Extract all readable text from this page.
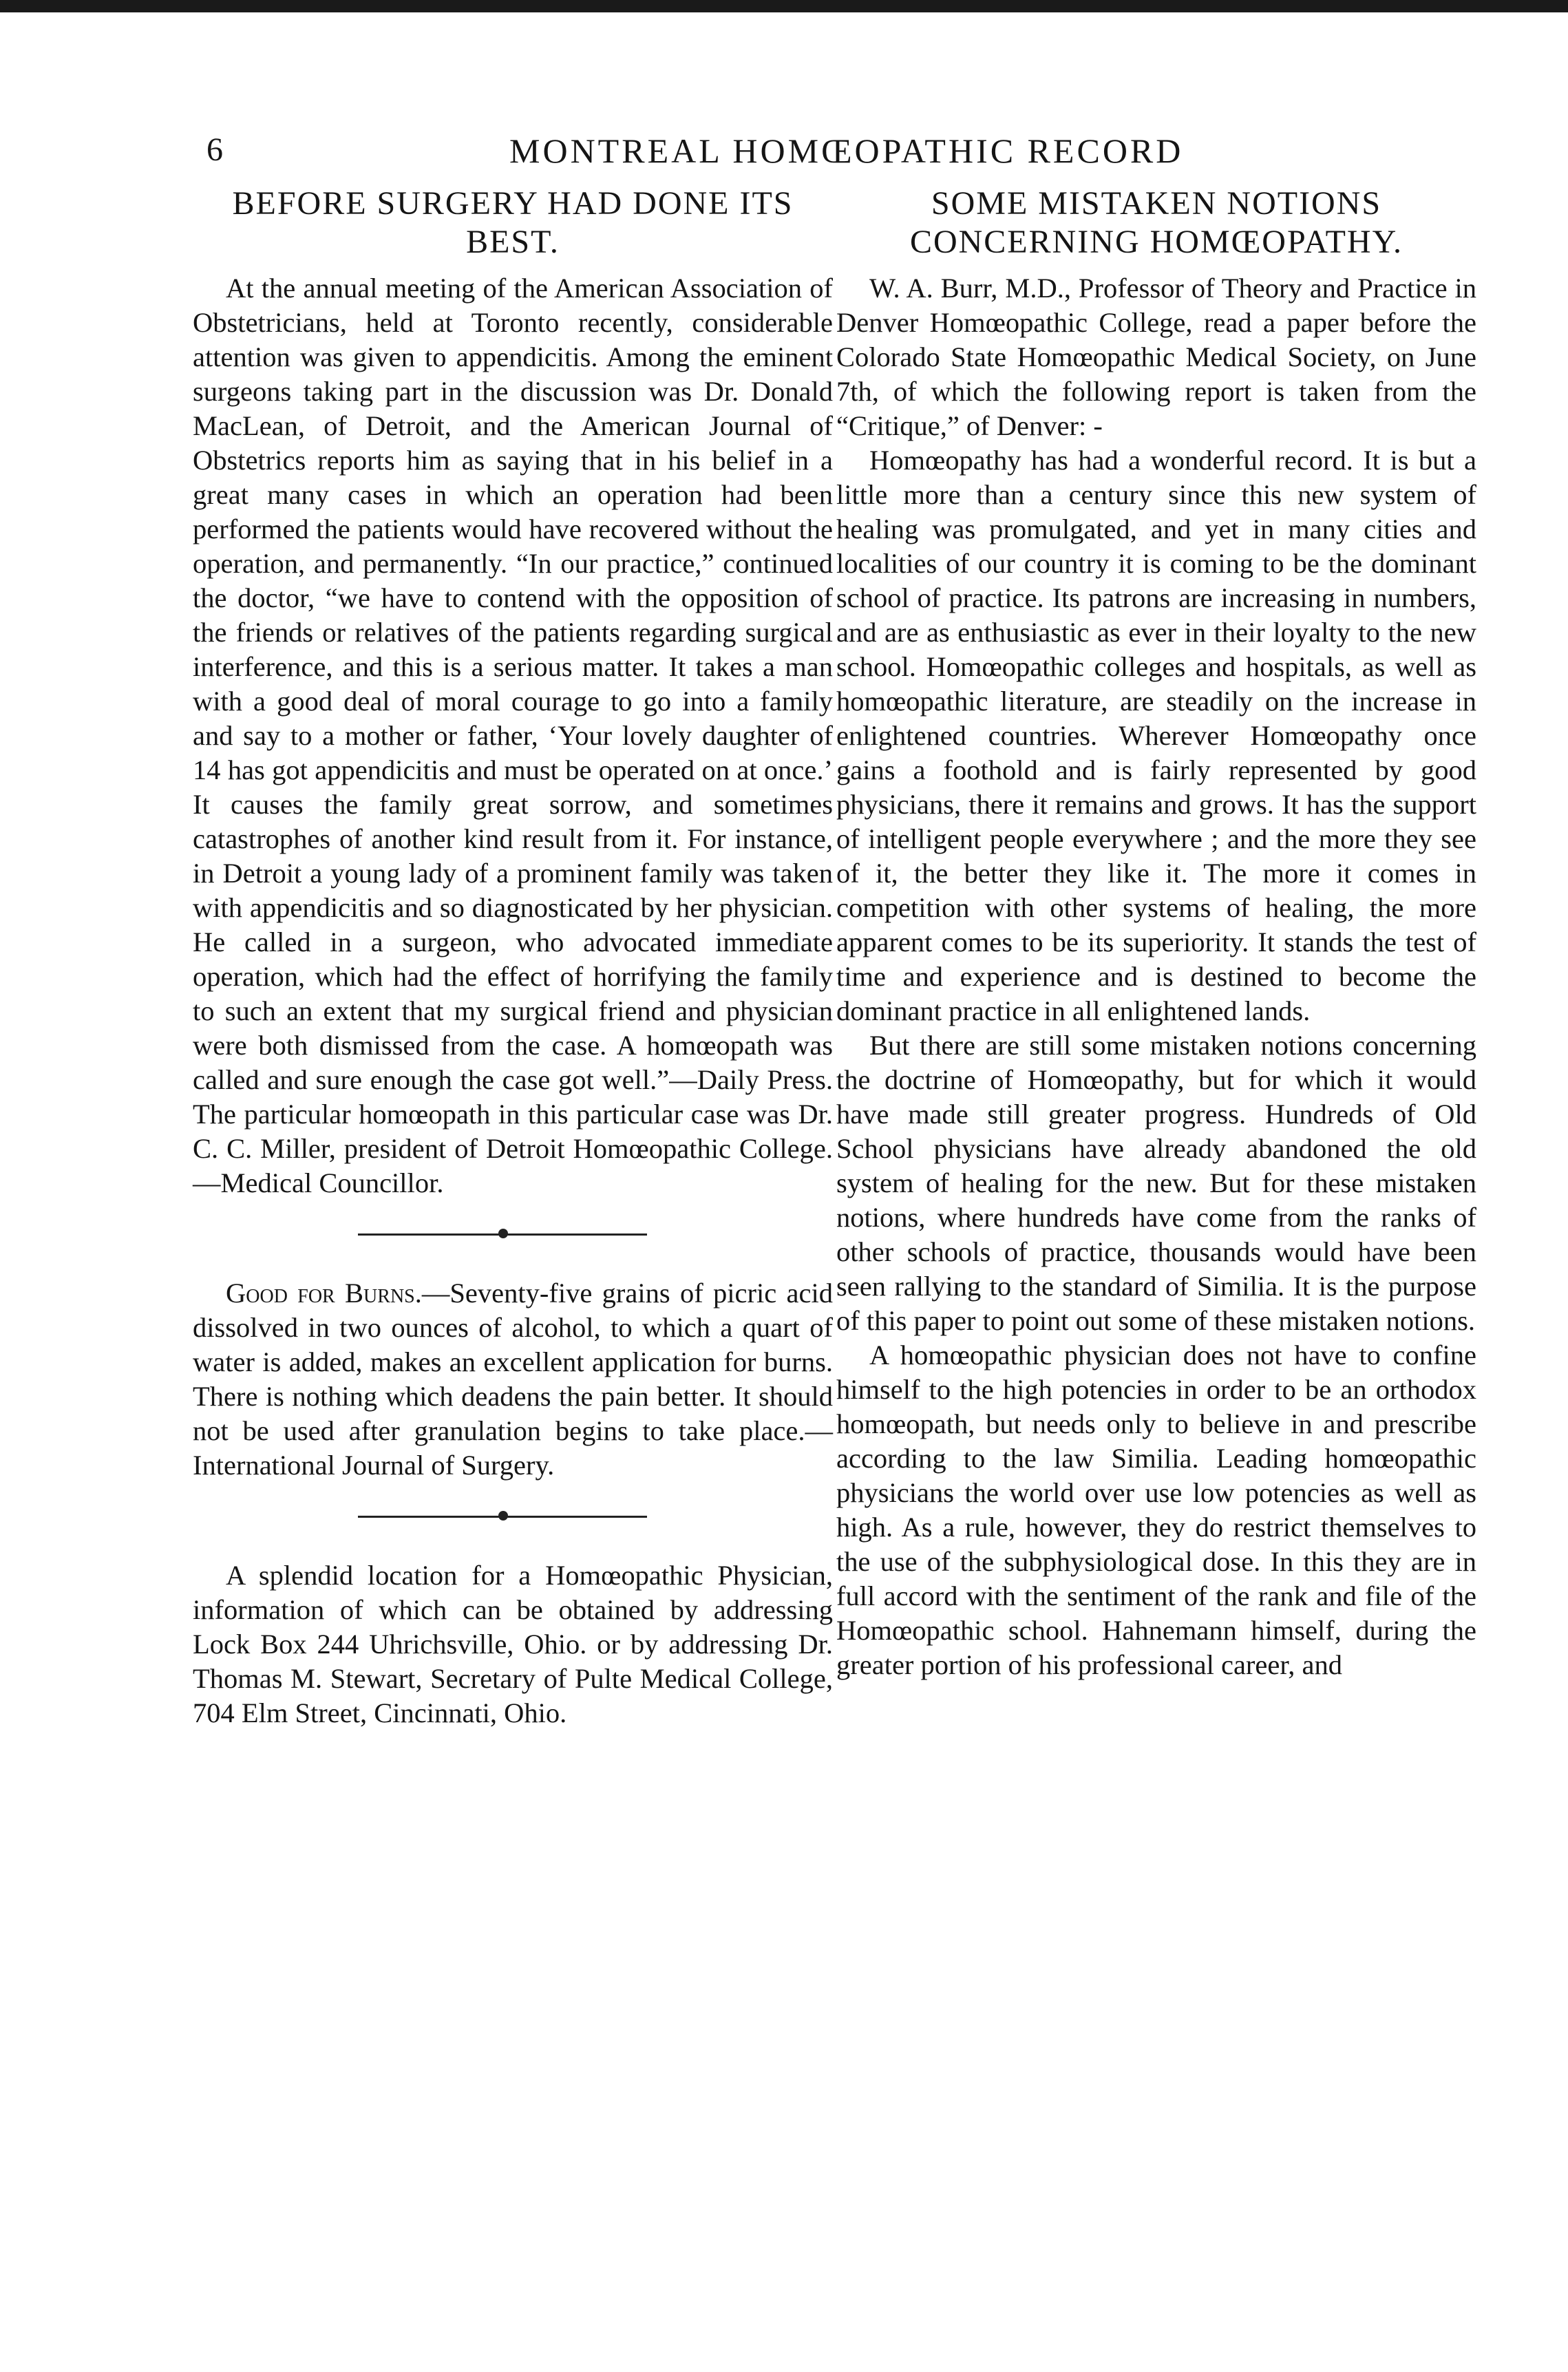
6	MONTREAL HOMŒOPATHIC RECORD
BEFORE SURGERY HAD DONE ITS BEST.

At the annual meeting of the American Association of Obstetricians, held at Toronto recently, considerable attention was given to appendicitis. Among the eminent surgeons taking part in the discussion was Dr. Donald MacLean, of Detroit, and the American Journal of Obstetrics reports him as saying that in his belief in a great many cases in which an operation had been performed the patients would have recovered without the operation, and permanently. “In our practice,” continued the doctor, “we have to contend with the opposition of the friends or relatives of the patients regarding surgical interference, and this is a serious matter. It takes a man with a good deal of moral courage to go into a family and say to a mother or father, ‘Your lovely daughter of 14 has got appendicitis and must be operated on at once.’ It causes the family great sorrow, and sometimes catastrophes of another kind result from it. For instance, in Detroit a young lady of a prominent family was taken with appendicitis and so diagnosticated by her physician. He called in a surgeon, who advocated immediate operation, which had the effect of horrifying the family to such an extent that my surgical friend and physician were both dismissed from the case. A homœopath was called and sure enough the case got well.”—Daily Press. The particular homœopath in this particular case was Dr. C. C. Miller, president of Detroit Homœopathic College.—Medical Councillor.

Good for Burns.—Seventy-five grains of picric acid dissolved in two ounces of alcohol, to which a quart of water is added, makes an excellent application for burns. There is nothing which deadens the pain better. It should not be used after granulation begins to take place.—International Journal of Surgery.

A splendid location for a Homœopathic Physician, information of which can be obtained by addressing Lock Box 244 Uhrichsville, Ohio. or by addressing Dr. Thomas M. Stewart, Secretary of Pulte Medical College, 704 Elm Street, Cincinnati, Ohio.

SOME MISTAKEN NOTIONS CONCERNING HOMŒOPATHY.

W. A. Burr, M.D., Professor of Theory and Practice in Denver Homœopathic College, read a paper before the Colorado State Homœopathic Medical Society, on June 7th, of which the following report is taken from the “Critique,” of Denver: -

Homœopathy has had a wonderful record. It is but a little more than a century since this new system of healing was promulgated, and yet in many cities and localities of our country it is coming to be the dominant school of practice. Its patrons are increasing in numbers, and are as enthusiastic as ever in their loyalty to the new school. Homœopathic colleges and hospitals, as well as homœopathic literature, are steadily on the increase in enlightened countries. Wherever Homœopathy once gains a foothold and is fairly represented by good physicians, there it remains and grows. It has the support of intelligent people everywhere ; and the more they see of it, the better they like it. The more it comes in competition with other systems of healing, the more apparent comes to be its superiority. It stands the test of time and experience and is destined to become the dominant practice in all enlightened lands.

But there are still some mistaken notions concerning the doctrine of Homœopathy, but for which it would have made still greater progress. Hundreds of Old School physicians have already abandoned the old system of healing for the new. But for these mistaken notions, where hundreds have come from the ranks of other schools of practice, thousands would have been seen rallying to the standard of Similia. It is the purpose of this paper to point out some of these mistaken notions.

A homœopathic physician does not have to confine himself to the high potencies in order to be an orthodox homœopath, but needs only to believe in and prescribe according to the law Similia. Leading homœopathic physicians the world over use low potencies as well as high. As a rule, however, they do restrict themselves to the use of the subphysiological dose. In this they are in full accord with the sentiment of the rank and file of the Homœopathic school. Hahnemann himself, during the greater portion of his professional career, and
